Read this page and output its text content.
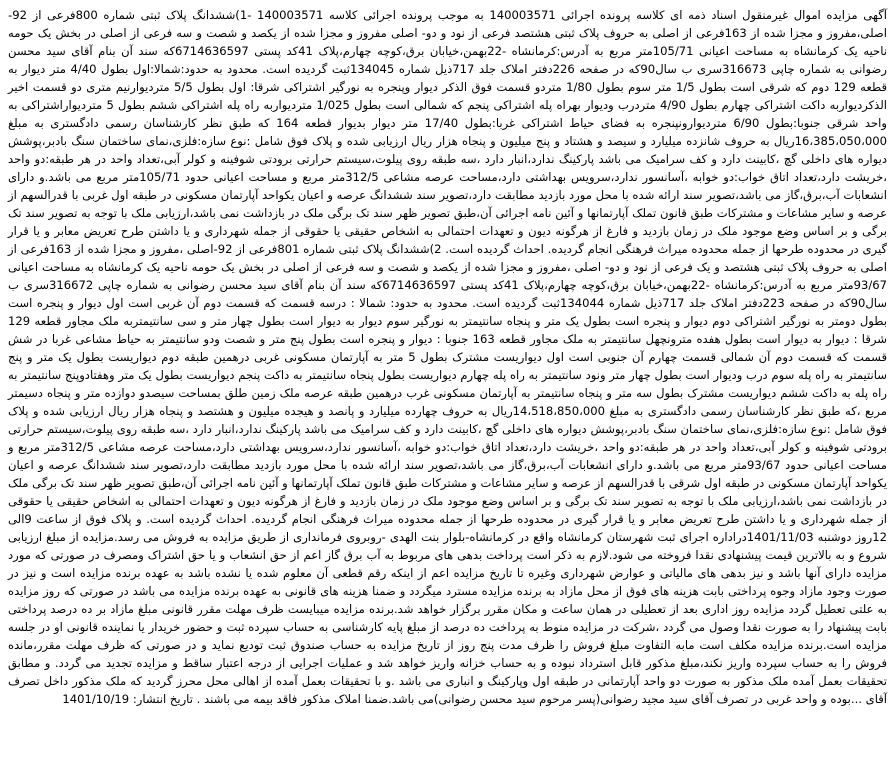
آگهی مزایده اموال غیرمنقول اسناد ذمه ای کلاسه پرونده اجرائی 140003571 به موجب پرونده اجرائی کلاسه 140003571 -1)ششدانگ پلاک ثبتی شماره 800فرعی از 92-اصلی،مفروز و مجزا شده از 163فرعی از اصلی به حروف پلاک ثبتی هشتصد فرعی از نود و دو- اصلی مفروز و مجزا شده از یکصد و شصت و سه فرعی از اصلی در بخش یک حومه ناحیه یک کرمانشاه به مساحت اعیانی 105/71متر مربع به آدرس:کرمانشاه -22بهمن،خیابان برق،کوچه چهارم،پلاک 41کد پستی 6714636597که سند آن بنام آقای سید محسن رضوانی به شماره چاپی 316673سری ب سال90که در صفحه 226دفتر املاک جلد 717ذیل شماره 134045ثبت گردیده است. محدود به حدود:شمالا:اول بطول 4/40 متر دیوار به قطعه 129 دوم که شرقی است بطول 1/5 متر سوم بطول 1/80 متردو قسمت فوق الذکر دیوار وپنجره به نورگیر اشتراکی شرقا: اول بطول 5/5 متردیوارنیم متری دو قسمت اخیر الذکردیواربه داکت اشتراکی چهارم بطول 4/90 متردرب ودیوار بهراه پله اشتراکی پنجم که شمالی است بطول 1/025 متردیواربه راه پله اشتراکی ششم بطول 5 متردیواراشتراکی به واحد شرقی جنوبا:بطول 6/90 متردیوارونپنجره به فضای حیاط اشتراکی غربا:بطول 17/40 متر دیوار بدیوار قطعه 164 که طبق نظر کارشناسان رسمی دادگستری به مبلغ 16،385،050،000ریال به حروف شانزده میلیارد و سیصد و هشتاد و پنج میلیون و پنجاه هزار ریال ارزیابی شده و پلاک فوق شامل :نوع سازه:فلزی،نمای ساختمان سنگ بادبر،پوشش دیواره های داخلی گچ ،کابینت دارد و کف سرامیک می باشد پارکینگ ندارد،انبار دارد ،سه طبقه روی پیلوت،سیستم حرارتی برودتی شوفینه و کولر آبی،تعداد واحد در هر طبقه:دو واحد ،خریشت دارد،تعداد اتاق خواب:دو خوابه ،آسانسور ندارد،سرویس بهداشتی دارد،مساحت عرصه مشاعی 312/5متر مربع و مساحت اعیانی حدود 105/71متر مربع می باشد.و دارای انشعابات آب،برق،گاز می باشد،تصویر سند ارائه شده با محل مورد بازدید مطابقت دارد،تصویر سند ششدانگ عرصه و اعیان یکواحد آپارتمان مسکونی در طبقه اول غربی با قدرالسهم از عرصه و سایر مشاعات و مشترکات طبق قانون تملک آپارتمانها و آئین نامه اجرائی آن،طبق تصویر ظهر سند تک برگی ملک در بازداشت نمی باشد،ارزیابی ملک با توجه به تصویر سند تک برگی و بر اساس وضع موجود ملک در زمان بازدید و فارغ از هرگونه دیون و تعهدات احتمالی به اشخاص حقیقی یا حقوقی از جمله شهرداری و یا داشتن طرح تعریض معابر و یا قرار گیری در محدوده طرحها از جمله محدوده میراث فرهنگی انجام گردیده. احداث گردیده است. 2)ششدانگ پلاک ثبتی شماره 801فرعی از 92-اصلی ،مفروز و مجزا شده از 163فرعی از اصلی به حروف پلاک ثبتی هشتصد و یک فرعی از نود و دو- اصلی ،مفروز و مجزا شده از یکصد و شصت و سه فرعی از اصلی در بخش یک حومه ناحیه یک کرمانشاه به مساحت اعیانی 93/67متر مربع به آدرس:کرمانشاه -22بهمن،خیابان برق،کوچه چهارم،پلاک 41کد پستی 6714636597که سند آن بنام آقای سید محسن رضوانی به شماره چاپی 316672سری ب سال90که در صفحه 223دفتر املاک جلد 717ذیل شماره 134044ثبت گردیده است. محدود به حدود: شمالا : درسه قسمت که قسمت دوم آن غربی است اول دیوار و پنجره است بطول دومتر به نورگیر اشتراکی دوم دیوار و پنجره است بطول یک متر و پنجاه سانتیمتر به نورگیر سوم دیوار به دیوار است بطول چهار متر و سی سانتیمتربه ملک مجاور قطعه 129 شرقا : دیوار به دیوار است بطول هفده مترونچهل سانتیمتر به ملک مجاور قطعه 163 جنوبا : دیوار و پنجره است بطول پنج متر و شصت ودو سانتیمتر به حیاط مشاعی غربا در شش قسمت که قسمت دوم آن شمالی قسمت چهارم آن جنوبی است اول دیواریست مشترک بطول 5 متر به آپارتمان مسکونی غربی درهمین طبقه دوم دیواریست بطول یک متر و پنج سانتیمتر به راه پله سوم درب ودیوار است بطول چهار متر ونود سانتیمتر به راه پله چهارم دیواریست بطول پنجاه سانتیمتر به داکت پنجم دیواریست بطول یک متر وهفتادوپنج سانتیمتر به راه پله به داکت ششم دیواریست مشترک بطول سه متر و پنجاه سانتیمتر به آپارتمان مسکونی غرب درهمین طبقه عرصه ملک زمین طلق بمساحت سیصدو دوازده متر و پنجاه دسیمتر مربع ،که طبق نظر کارشناسان رسمی دادگستری به مبلغ 14،518،850،000ریال به حروف چهارده میلیارد و پانصد و هیجده میلیون و هشتصد و پنجاه هزار ریال ارزیابی شده و پلاک فوق شامل :نوع سازه:فلزی،نمای ساختمان سنگ بادبر،پوشش دیواره های داخلی گچ ،کابینت دارد و کف سرامیک می باشد پارکینگ ندارد،انبار دارد ،سه طبقه روی پیلوت،سیستم حرارتی برودتی شوفینه و کولر آبی،تعداد واحد در هر طبقه:دو واحد ،خریشت دارد،تعداد اتاق خواب:دو خوابه ،آسانسور ندارد،سرویس بهداشتی دارد،مساحت عرصه مشاعی 312/5متر مربع و مساحت اعیانی حدود 93/67متر مربع می باشد.و دارای انشعابات آب،برق،گاز می باشد،تصویر سند ارائه شده با محل مورد بازدید مطابقت دارد،تصویر سند ششدانگ عرصه و اعیان یکواحد آپارتمان مسکونی در طبقه اول شرقی با قدرالسهم از عرصه و سایر مشاعات و مشترکات طبق قانون تملک آپارتمانها و آئین نامه اجرائی آن،طبق تصویر ظهر سند تک برگی ملک در بازداشت نمی باشد،ارزیابی ملک با توجه به تصویر سند تک برگی و بر اساس وضع موجود ملک در زمان بازدید و فارغ از هرگونه دیون و تعهدات احتمالی به اشخاص حقیقی یا حقوقی از جمله شهرداری و یا داشتن طرح تعریض معابر و یا قرار گیری در محدوده طرحها از جمله محدوده میراث فرهنگی انجام گردیده. احداث گردیده است. و پلاک فوق از ساعت 9الی 12روز دوشنبه 1401/11/03دراداره اجرای ثبت شهرستان کرمانشاه واقع در کرمانشاه-بلوار بنت الهدی -روبروی فرمانداری از طریق مزایده به فروش می رسد.مزایده از مبلغ ارزیابی شروع و به بالاترین قیمت پیشنهادی نقدا فروخته می شود.لازم به ذکر است پرداخت بدهی های مربوط به آب برق گاز اعم از حق انشعاب و یا حق اشتراک ومصرف در صورتی که مورد مزایده دارای آنها باشد و نیز بدهی های مالیاتی و عوارض شهرداری وغیره تا تاریخ مزایده اعم از اینکه رقم قطعی آن معلوم شده یا نشده باشد به عهده برنده مزایده است و نیز در صورت وجود مازاد وجوه پرداختی بابت هزینه های فوق از محل مازاد به برنده مزایده مسترد میگردد و ضمنا هزینه های قانونی به عهده برنده مزایده می باشد در صورتی که روز مزایده به علتی تعطیل گردد مزایده روز اداری بعد از تعطیلی در همان ساعت و مکان مقرر برگزار خواهد شد.برنده مزایده میبایست ظرف مهلت مقرر قانونی مبلغ مازاد بر ده درصد پرداختی بابت پیشنهاد را به صورت نقدا وصول می گردد ،شرکت در مزایده منوط به پرداخت ده درصد از مبلغ پایه کارشناسی به حساب سپرده ثبت و حضور خریدار یا نماینده قانونی او در جلسه مزایده است.برنده مزایده مکلف است مابه التفاوت مبلغ فروش را ظرف مدت پنج روز از تاریخ مزایده به حساب صندوق ثبت تودیع نماید و در صورتی که ظرف مهلت مقرر،مانده فروش را به حساب سپرده واریز نکند،مبلغ مذکور قابل استرداد نبوده و به حساب خزانه واریز خواهد شد و عملیات اجرایی از درجه اعتبار ساقط و مزایده تجدید می گردد. و مطابق تحقیقات بعمل آمده ملک مذکور به صورت دو واحد آپارتمانی در طبقه اول وپارکینگ و انباری می باشد .و با تحقیقات بعمل آمده از اهالی محل محرز گردید که ملک مذکور داخل تصرف آقای ...بوده و واحد غربی در تصرف آقای سید مجید رضوانی(پسر مرحوم سید محسن رضوانی)می باشد.ضمنا املاک مذکور فاقد بیمه می باشند . تاریخ انتشار: 1401/10/19
